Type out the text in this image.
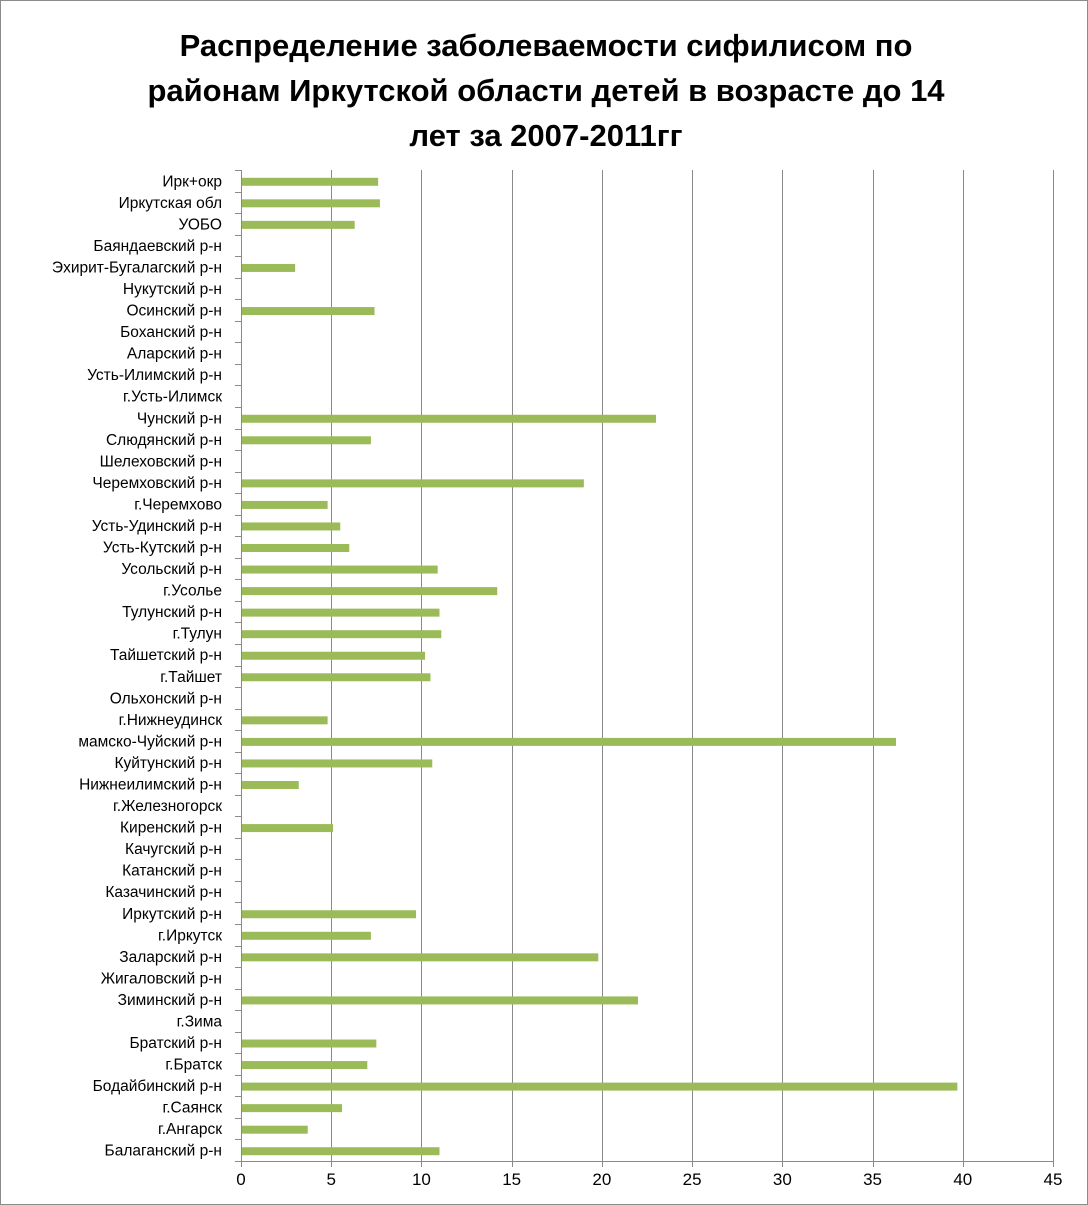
Распределение заболеваемости сифилисом по
районам Иркутской области детей в возрасте до 14
лет за 2007-2011гг
Ирк+окр
Иркутская обл
УОБО
Баяндаевский р-н
Эхирит-Бугалагский р-н
Нукутский р-н
Осинский р-н
Боханский р-н
Аларский р-н
Усть-Илимский р-н
г.Усть-Илимск
Чунский р-н
Слюдянский р-н
Шелеховский р-н
Черемховский р-н
г.Черемхово
Усть-Удинский р-н
Усть-Кутский р-н
Усольский р-н
г.Усолье
Тулунский р-н
г.Тулун
Тайшетский р-н
г.Тайшет
Ольхонский р-н
г.Нижнеудинск
мамско-Чуйский р-н
Куйтунский р-н
Нижнеилимский р-н
г.Железногорск
Киренский р-н
Качугский р-н
Катанский р-н
Казачинский р-н
Иркутский р-н
г.Иркутск
Заларский р-н
Жигаловский р-н
Зиминский р-н
г.Зима
Братский р-н
г.Братск
Бодайбинский р-н
г.Саянск
г.Ангарск
Балаганский р-н
0	5	10	15	20	25	30	35	40	45
